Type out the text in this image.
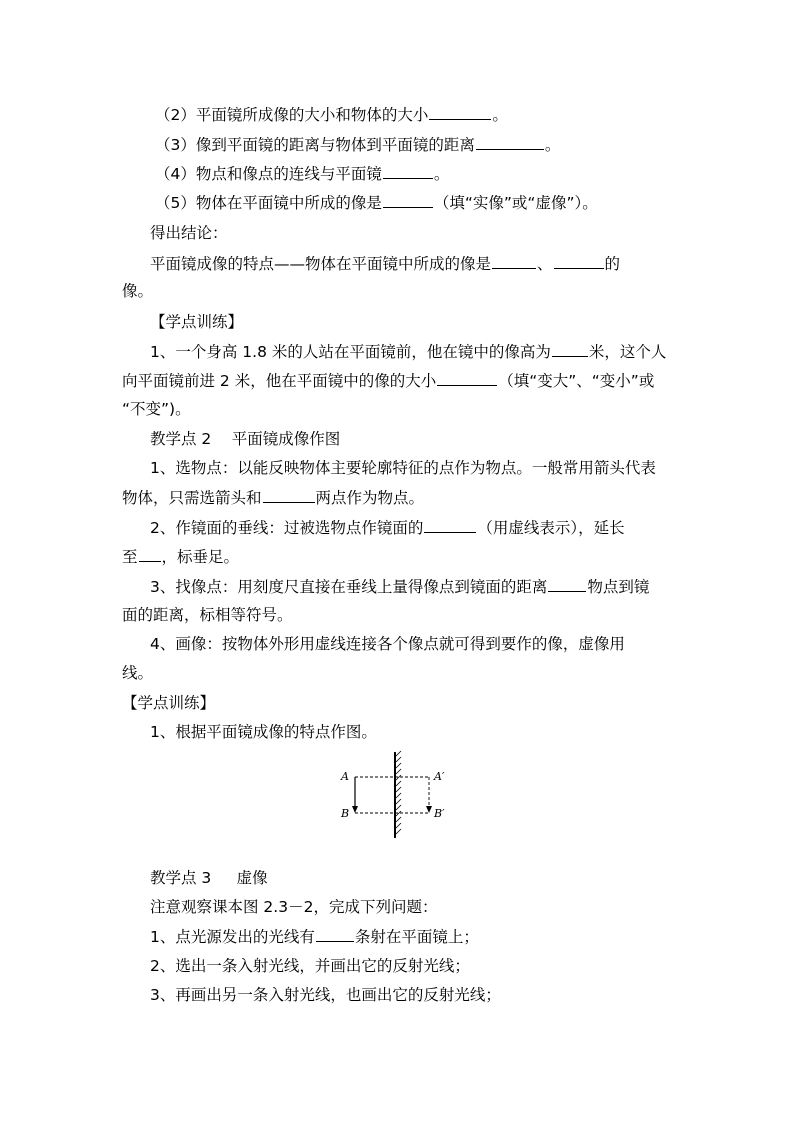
（2）平面镜所成像的大小和物体的大小	。
（3）像到平面镜的距离与物体到平面镜的距离	。
（4）物点和像点的连线与平面镜	。
（5）物体在平面镜中所成的像是	（填“实像”或“虚像”）。
得出结论：
平面镜成像的特点——物体在平面镜中所成的像是	、	的
像。
【学点训练】
1、一个身高 1.8 米的人站在平面镜前，他在镜中的像高为 米，这个人
向平面镜前进 2 米，他在平面镜中的像的大小	（填“变大”、“变小”或
“不变”)。
教学点 2　 平面镜成像作图
1、选物点：以能反映物体主要轮廓特征的点作为物点。一般常用箭头代表
物体，只需选箭头和	两点作为物点。
2、作镜面的垂线：过被选物点作镜面的	（用虚线表示），延长
至 ，标垂足。
3、找像点：用刻度尺直接在垂线上量得像点到镜面的距离	物点到镜
面的距离，标相等符号。
4、画像：按物体外形用虚线连接各个像点就可得到要作的像，虚像用
线。
【学点训练】
1、根据平面镜成像的特点作图。
A	A′
B	B′
教学点 3 　 虚像
注意观察课本图 2.3－2，完成下列问题：
1、点光源发出的光线有	条射在平面镜上；
2、选出一条入射光线，并画出它的反射光线；
3、再画出另一条入射光线，也画出它的反射光线；
